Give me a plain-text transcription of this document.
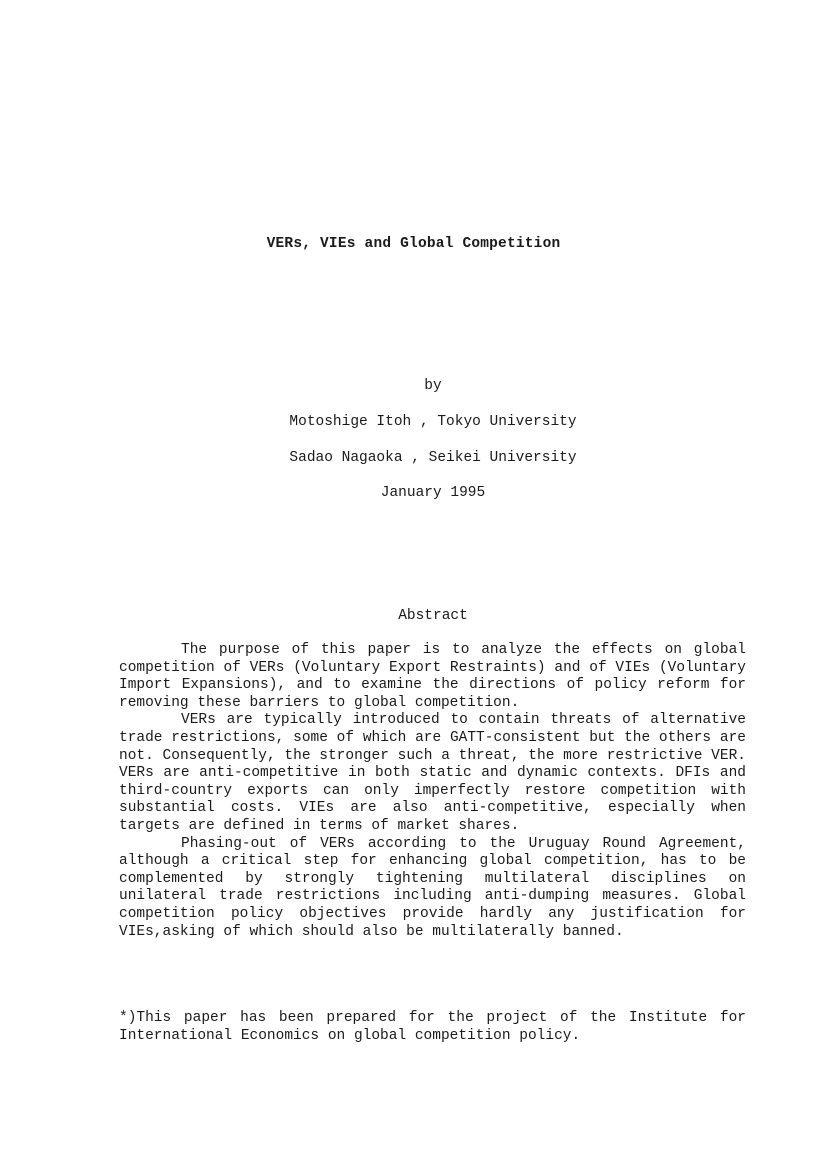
VERs, VIEs and Global Competition
by
Motoshige Itoh , Tokyo University
Sadao Nagaoka , Seikei University
January 1995
Abstract

The purpose of this paper is to analyze the effects on global competition of VERs (Voluntary Export Restraints) and of VIEs (Voluntary Import Expansions), and to examine the directions of policy reform for removing these barriers to global competition.

VERs are typically introduced to contain threats of alternative trade restrictions, some of which are GATT-consistent but the others are not. Consequently, the stronger such a threat, the more restrictive VER. VERs are anti-competitive in both static and dynamic contexts. DFIs and third-country exports can only imperfectly restore competition with substantial costs. VIEs are also anti-competitive, especially when targets are defined in terms of market shares.

Phasing-out of VERs according to the Uruguay Round Agreement, although a critical step for enhancing global competition, has to be complemented by strongly tightening multilateral disciplines on unilateral trade restrictions including anti-dumping measures. Global competition policy objectives provide hardly any justification for VIEs,asking of which should also be multilaterally banned.

*)This paper has been prepared for the project of the Institute for International Economics on global competition policy.
